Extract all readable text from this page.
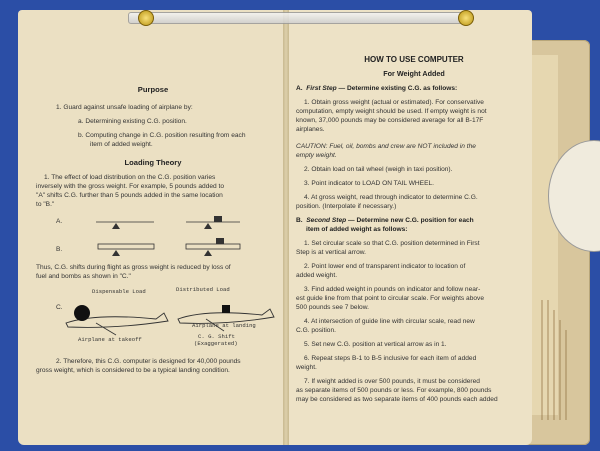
Purpose
1. Guard against unsafe loading of airplane by:
a. Determining existing C.G. position.
b. Computing change in C.G. position resulting from each
item of added weight.
Loading Theory
1. The effect of load distribution on the C.G. position varies
inversely with the gross weight. For example, 5 pounds added to
"A" shifts C.G. further than 5 pounds added in the same location
to "B."
A.
B.
Thus, C.G. shifts during flight as gross weight is reduced by loss of
fuel and bombs as shown in "C."
C.
Dispensable Load	Distributed Load
Airplane at takeoff
Airplane at landing
C. G. Shift
(Exaggerated)
2. Therefore, this C.G. computer is designed for 40,000 pounds
gross weight, which is considered to be a typical landing condition.
HOW TO USE COMPUTER
For Weight Added
A. First Step — Determine existing C.G. as follows:
1. Obtain gross weight (actual or estimated). For conservative
computation, empty weight should be used. If empty weight is not
known, 37,000 pounds may be considered average for all B-17F
airplanes.
CAUTION: Fuel, oil, bombs and crew are NOT included in the
empty weight.
2. Obtain load on tail wheel (weigh in taxi position).
3. Point indicator to LOAD ON TAIL WHEEL.
4. At gross weight, read through indicator to determine C.G.
position. (Interpolate if necessary.)
B. Second Step — Determine new C.G. position for each
item of added weight as follows:
1. Set circular scale so that C.G. position determined in First
Step is at vertical arrow.
2. Point lower end of transparent indicator to location of
added weight.
3. Find added weight in pounds on indicator and follow near-
est guide line from that point to circular scale. For weights above
500 pounds see 7 below.
4. At intersection of guide line with circular scale, read new
C.G. position.
5. Set new C.G. position at vertical arrow as in 1.
6. Repeat steps B-1 to B-5 inclusive for each item of added
weight.
7. If weight added is over 500 pounds, it must be considered
as separate items of 500 pounds or less. For example, 800 pounds
may be considered as two separate items of 400 pounds each added
